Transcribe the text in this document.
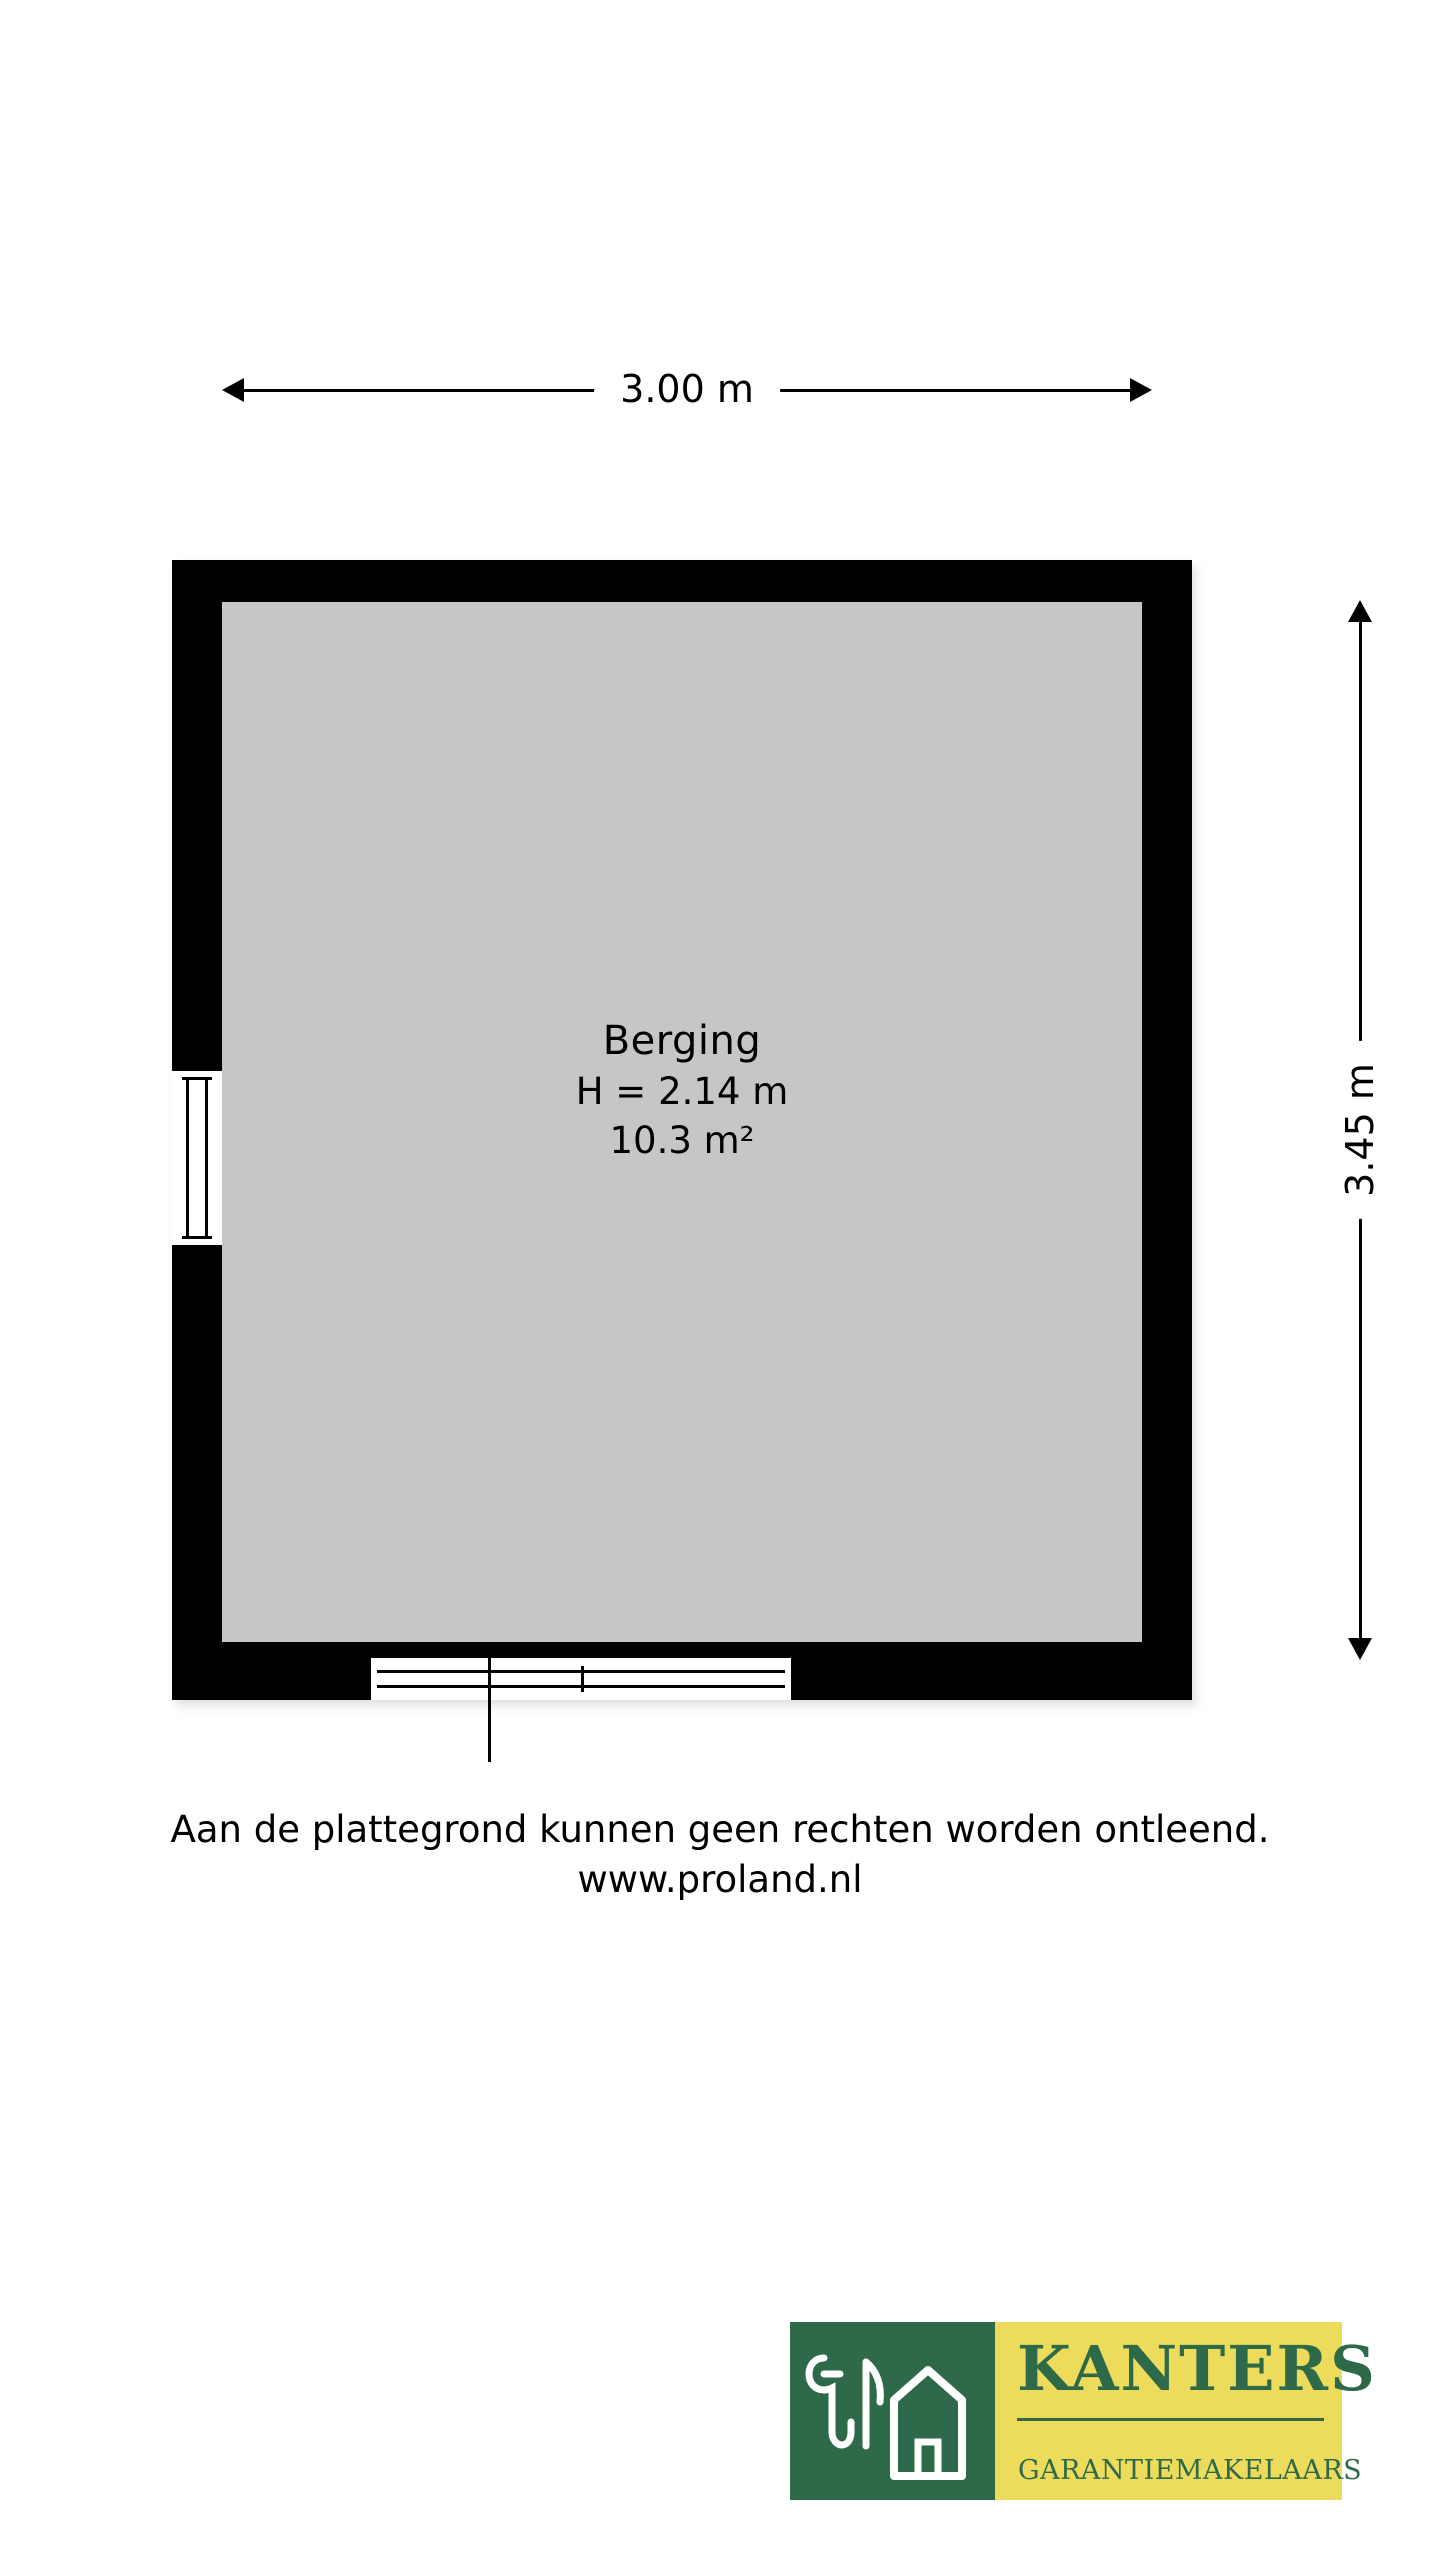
3.00 m
3.45 m
Berging
H = 2.14 m
10.3 m²
Aan de plattegrond kunnen geen rechten worden ontleend.
www.proland.nl
KANTERS
GARANTIEMAKELAARS
